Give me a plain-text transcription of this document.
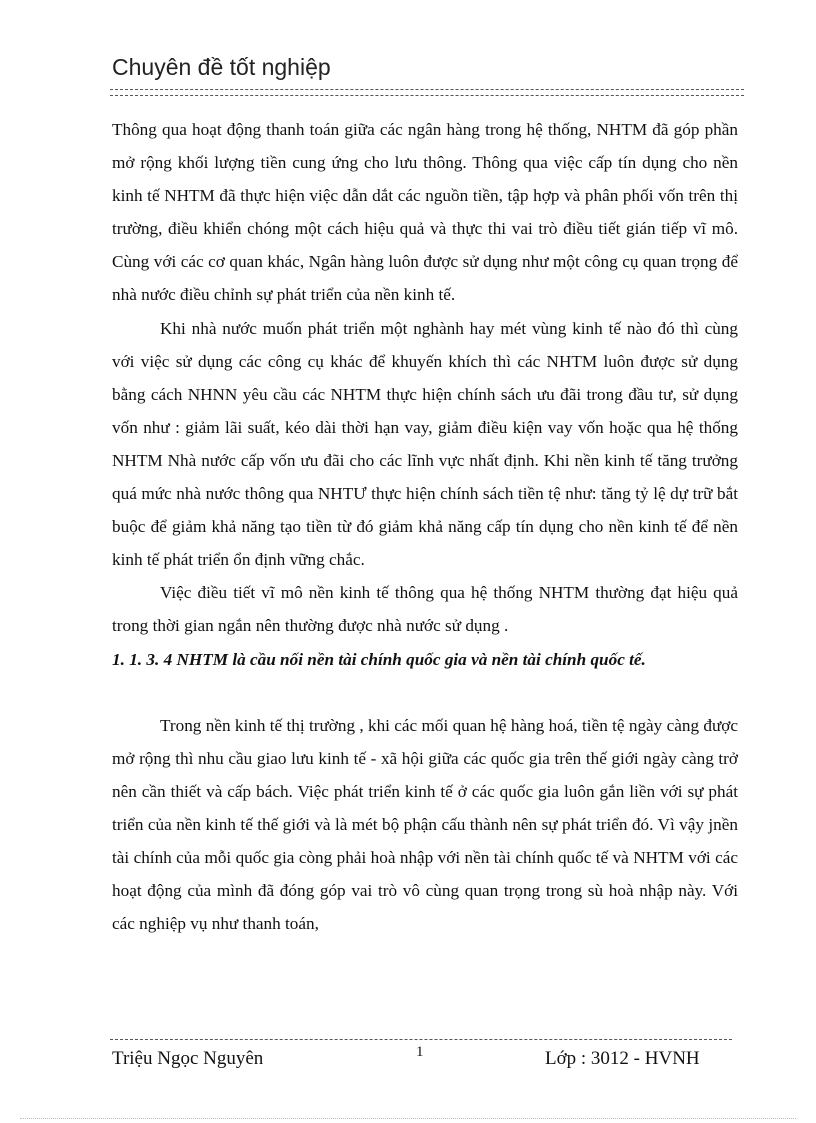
Chuyên đề tốt nghiệp

Thông qua hoạt động thanh toán giữa các ngân hàng trong hệ thống, NHTM đã góp phần mở rộng khối lượng tiền cung ứng cho lưu thông. Thông qua việc cấp tín dụng cho nền kinh tế NHTM đã thực hiện việc dẫn dắt các nguồn tiền, tập hợp và phân phối vốn trên thị trường, điều khiển chóng một cách hiệu quả và thực thi vai trò điều tiết gián tiếp vĩ mô. Cùng với các cơ quan khác, Ngân hàng luôn được sử dụng như một công cụ quan trọng để nhà nước điều chỉnh sự phát triển của nền kinh tế.

Khi nhà nước muốn phát triển một nghành hay mét vùng kinh tế nào đó thì cùng với việc sử dụng các công cụ khác để khuyến khích thì các NHTM luôn được sử dụng bằng cách NHNN yêu cầu các NHTM thực hiện chính sách ưu đãi trong đầu tư, sử dụng vốn như : giảm lãi suất, kéo dài thời hạn vay, giảm điều kiện vay vốn hoặc qua hệ thống NHTM Nhà nước cấp vốn ưu đãi cho các lĩnh vực nhất định. Khi nền kinh tế tăng trưởng quá mức nhà nước thông qua NHTƯ thực hiện chính sách tiền tệ như: tăng tỷ lệ dự trữ bắt buộc để giảm khả năng tạo tiền từ đó giảm khả năng cấp tín dụng cho nền kinh tế để nền kinh tế phát triển ổn định vững chắc.

Việc điều tiết vĩ mô nền kinh tế thông qua hệ thống NHTM thường đạt hiệu quả trong thời gian ngắn nên thường được nhà nước sử dụng .

1. 1. 3. 4 NHTM là cầu nối nền tài chính quốc gia và nền tài chính quốc tế.

Trong nền kinh tế thị trường , khi các mối quan hệ hàng hoá, tiền tệ ngày càng được mở rộng thì nhu cầu giao lưu kinh tế - xã hội giữa các quốc gia trên thế giới ngày càng trở nên cần thiết và cấp bách. Việc phát triển kinh tế ở các quốc gia luôn gắn liền với sự phát triển của nền kinh tế thế giới và là mét bộ phận cấu thành nên sự phát triển đó. Vì vậy jnền tài chính của mỗi quốc gia còng phải hoà nhập với nền tài chính quốc tế và NHTM với các hoạt động của mình đã đóng góp vai trò vô cùng quan trọng trong sù hoà nhập này. Với các nghiệp vụ như thanh toán,

Triệu Ngọc Nguyên	1	Lớp : 3012 - HVNH
